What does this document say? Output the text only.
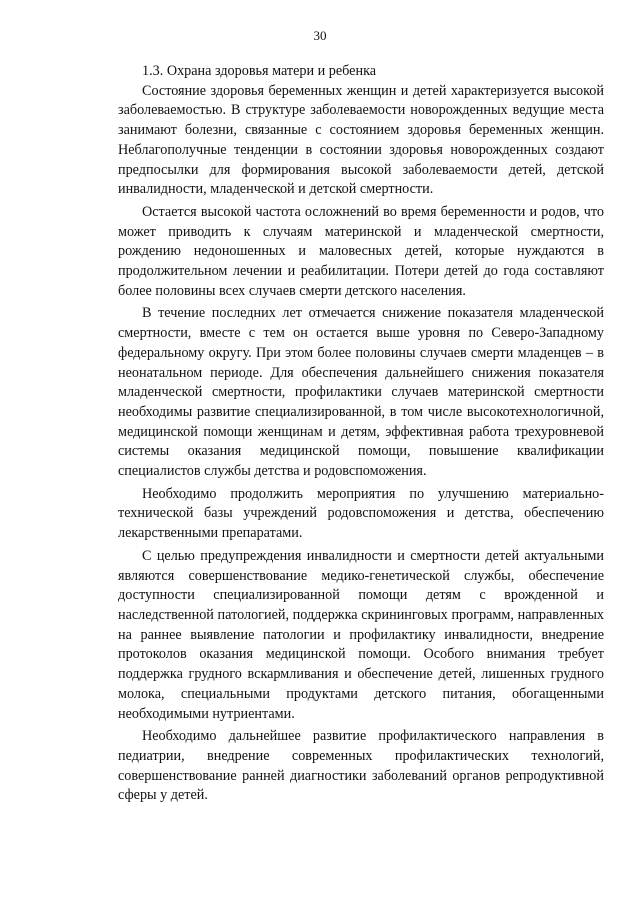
30

1.3. Охрана здоровья матери и ребенка

Состояние здоровья беременных женщин и детей характеризуется высокой заболеваемостью. В структуре заболеваемости новорожденных ведущие места занимают болезни, связанные с состоянием здоровья беременных женщин. Неблагополучные тенденции в состоянии здоровья новорожденных создают предпосылки для формирования высокой заболеваемости детей, детской инвалидности, младенческой и детской смертности.

Остается высокой частота осложнений во время беременности и родов, что может приводить к случаям материнской и младенческой смертности, рождению недоношенных и маловесных детей, которые нуждаются в продолжительном лечении и реабилитации. Потери детей до года составляют более половины всех случаев смерти детского населения.

В течение последних лет отмечается снижение показателя младенческой смертности, вместе с тем он остается выше уровня по Северо-Западному федеральному округу. При этом более половины случаев смерти младенцев – в неонатальном периоде. Для обеспечения дальнейшего снижения показателя младенческой смертности, профилактики случаев материнской смертности необходимы развитие специализированной, в том числе высокотехнологичной, медицинской помощи женщинам и детям, эффективная работа трехуровневой системы оказания медицинской помощи, повышение квалификации специалистов службы детства и родовспоможения.

Необходимо продолжить мероприятия по улучшению материально-технической базы учреждений родовспоможения и детства, обеспечению лекарственными препаратами.

С целью предупреждения инвалидности и смертности детей актуальными являются совершенствование медико-генетической службы, обеспечение доступности специализированной помощи детям с врожденной и наследственной патологией, поддержка скрининговых программ, направленных на раннее выявление патологии и профилактику инвалидности, внедрение протоколов оказания медицинской помощи. Особого внимания требует поддержка грудного вскармливания и обеспечение детей, лишенных грудного молока, специальными продуктами детского питания, обогащенными необходимыми нутриентами.

Необходимо дальнейшее развитие профилактического направления в педиатрии, внедрение современных профилактических технологий, совершенствование ранней диагностики заболеваний органов репродуктивной сферы у детей.
